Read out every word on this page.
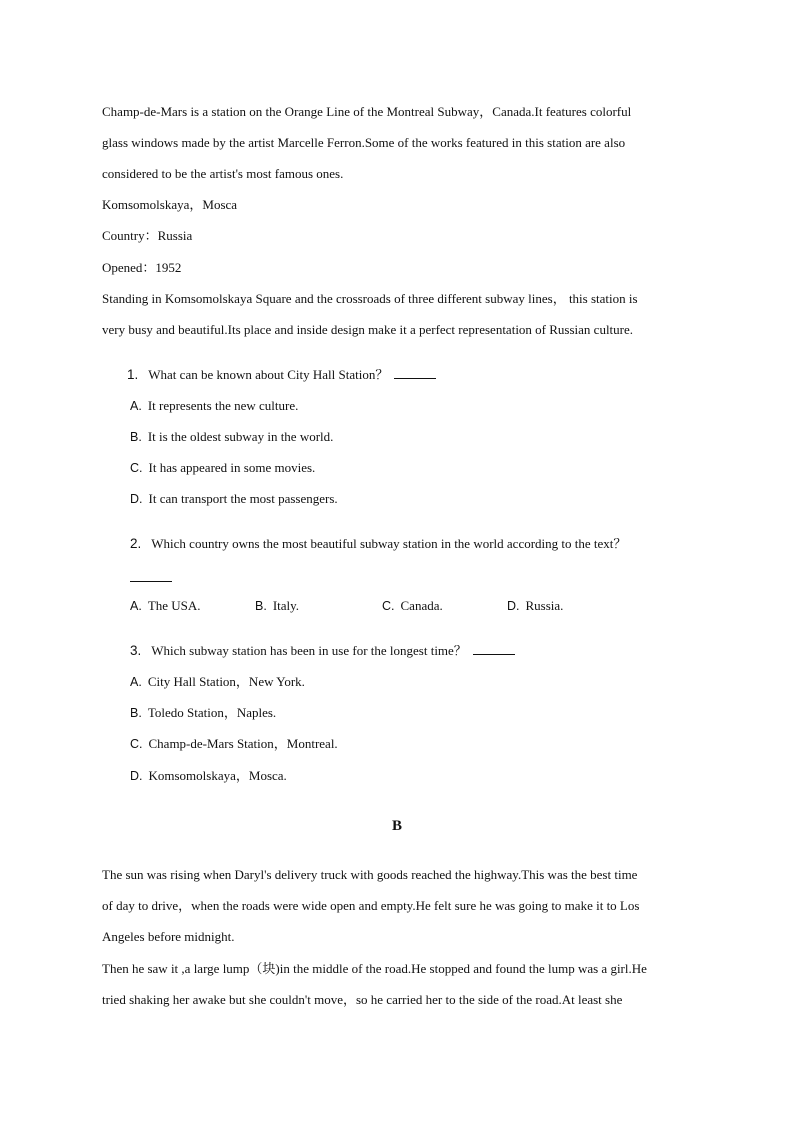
Champ-de-Mars is a station on the Orange Line of the Montreal Subway，Canada.It features colorful
glass windows made by the artist Marcelle Ferron.Some of the works featured in this station are also
considered to be the artist's most famous ones.
Komsomolskaya，Mosca
Country：Russia
Opened：1952
Standing in Komsomolskaya Square and the crossroads of three different subway lines， this station is
very busy and beautiful.Its place and inside design make it a perfect representation of Russian culture.
1. What can be known about City Hall Station？
A. It represents the new culture.
B. It is the oldest subway in the world.
C. It has appeared in some movies.
D. It can transport the most passengers.
2. Which country owns the most beautiful subway station in the world according to the text？
A. The USA.	B. Italy.	C. Canada.	D. Russia.
3. Which subway station has been in use for the longest time？
A. City Hall Station，New York.
B. Toledo Station，Naples.
C. Champ-de-Mars Station，Montreal.
D. Komsomolskaya，Mosca.
B
The sun was rising when Daryl's delivery truck with goods reached the highway.This was the best time
of day to drive，when the roads were wide open and empty.He felt sure he was going to make it to Los
Angeles before midnight.
Then he saw it ,a large lump（块)in the middle of the road.He stopped and found the lump was a girl.He
tried shaking her awake but she couldn't move，so he carried her to the side of the road.At least she
